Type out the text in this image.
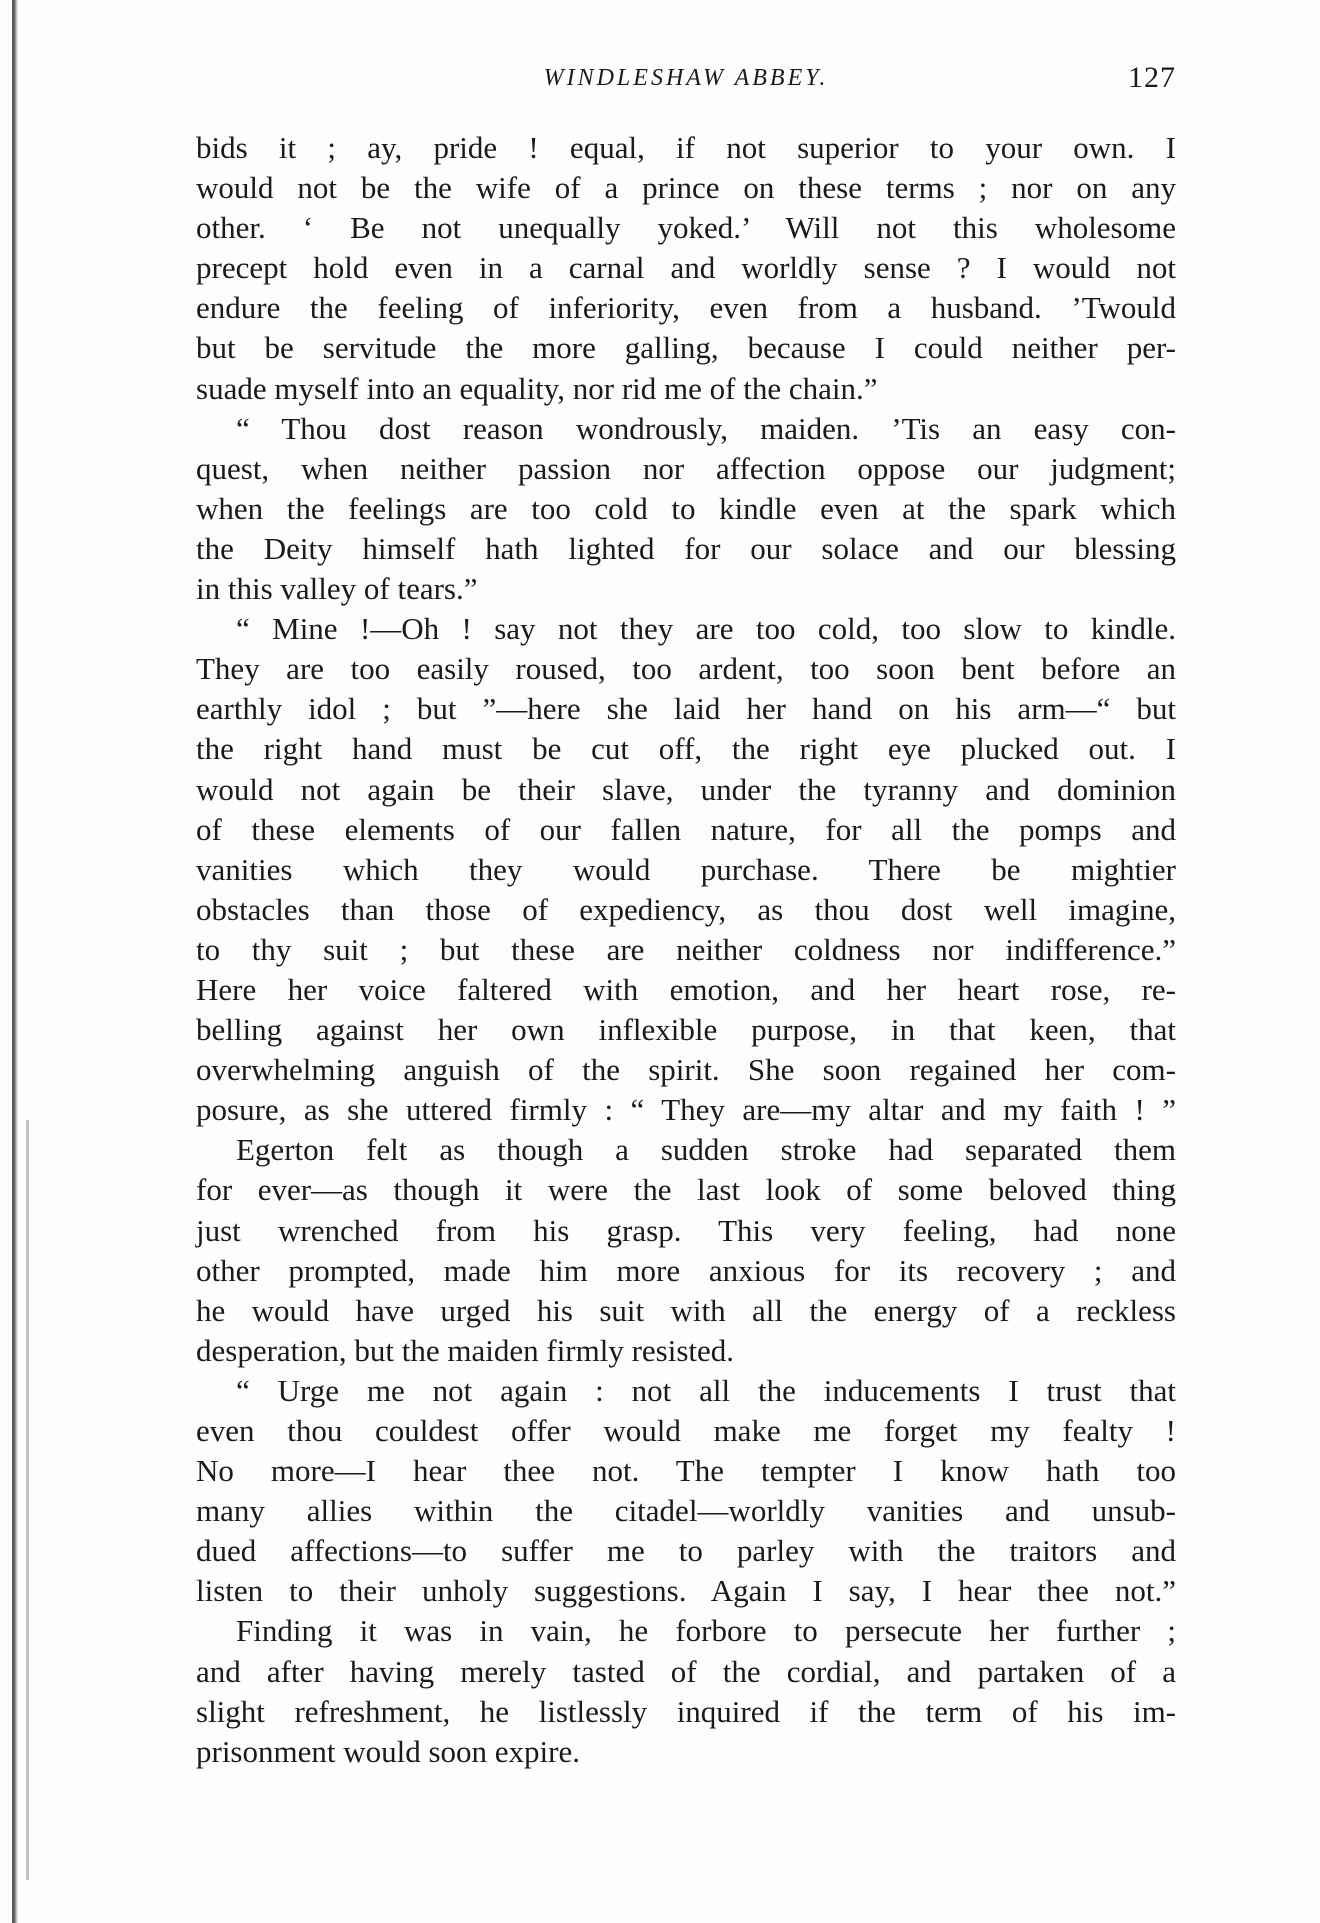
WINDLESHAW ABBEY.	127
bids it ; ay, pride ! equal, if not superior to your own. I
would not be the wife of a prince on these terms ; nor on any
other. ‘ Be not unequally yoked.’ Will not this wholesome
precept hold even in a carnal and worldly sense ? I would not
endure the feeling of inferiority, even from a husband. ’Twould
but be servitude the more galling, because I could neither per-
suade myself into an equality, nor rid me of the chain.”
“ Thou dost reason wondrously, maiden. ’Tis an easy con-
quest, when neither passion nor affection oppose our judgment;
when the feelings are too cold to kindle even at the spark which
the Deity himself hath lighted for our solace and our blessing
in this valley of tears.”
“ Mine !—Oh ! say not they are too cold, too slow to kindle.
They are too easily roused, too ardent, too soon bent before an
earthly idol ; but ”—here she laid her hand on his arm—“ but
the right hand must be cut off, the right eye plucked out. I
would not again be their slave, under the tyranny and dominion
of these elements of our fallen nature, for all the pomps and
vanities which they would purchase. There be mightier
obstacles than those of expediency, as thou dost well imagine,
to thy suit ; but these are neither coldness nor indifference.”
Here her voice faltered with emotion, and her heart rose, re-
belling against her own inflexible purpose, in that keen, that
overwhelming anguish of the spirit. She soon regained her com-
posure, as she uttered firmly : “ They are—my altar and my faith ! ”
Egerton felt as though a sudden stroke had separated them
for ever—as though it were the last look of some beloved thing
just wrenched from his grasp. This very feeling, had none
other prompted, made him more anxious for its recovery ; and
he would have urged his suit with all the energy of a reckless
desperation, but the maiden firmly resisted.
“ Urge me not again : not all the inducements I trust that
even thou couldest offer would make me forget my fealty !
No more—I hear thee not. The tempter I know hath too
many allies within the citadel—worldly vanities and unsub-
dued affections—to suffer me to parley with the traitors and
listen to their unholy suggestions. Again I say, I hear thee not.”
Finding it was in vain, he forbore to persecute her further ;
and after having merely tasted of the cordial, and partaken of a
slight refreshment, he listlessly inquired if the term of his im-
prisonment would soon expire.
